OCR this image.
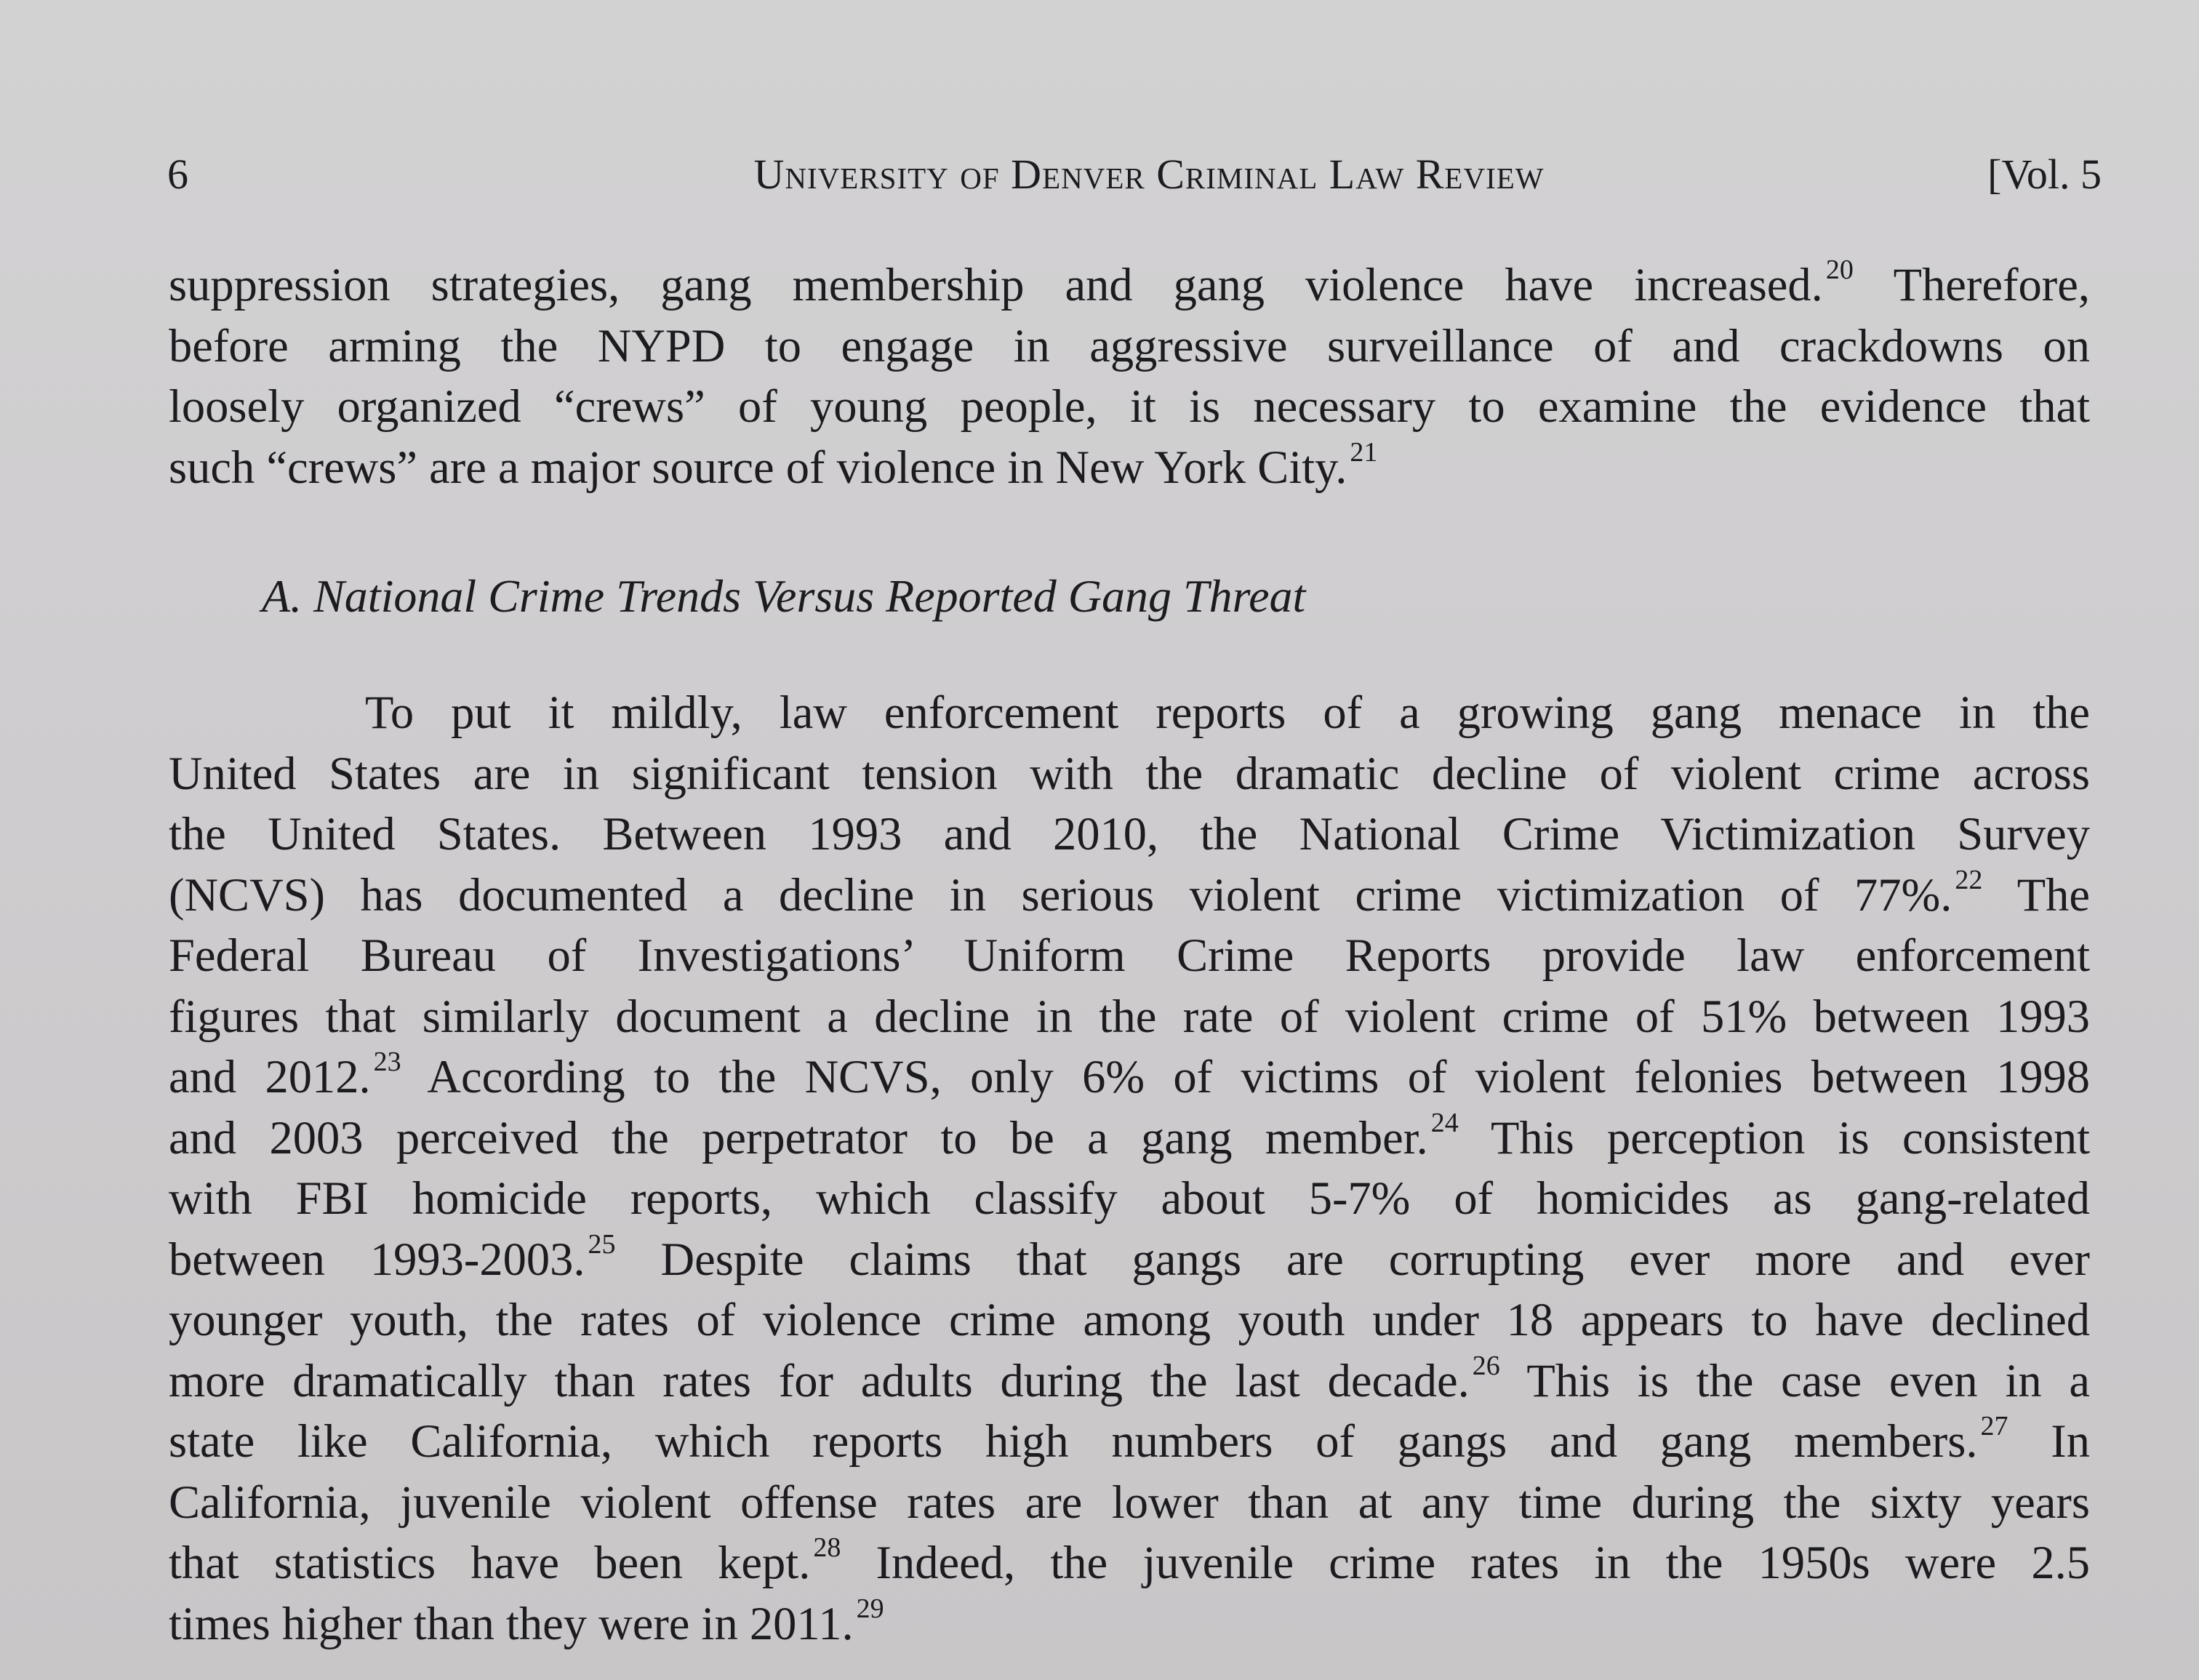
6	University of Denver Criminal Law Review	[Vol. 5
suppression strategies, gang membership and gang violence have increased. $^{20}$ Therefore,
before arming the NYPD to engage in aggressive surveillance of and crackdowns on
loosely organized “crews” of young people, it is necessary to examine the evidence that
such “crews” are a major source of violence in New York City. $^{21}$
A. National Crime Trends Versus Reported Gang Threat
To put it mildly, law enforcement reports of a growing gang menace in the
United States are in significant tension with the dramatic decline of violent crime across
the United States. Between 1993 and 2010, the National Crime Victimization Survey
(NCVS) has documented a decline in serious violent crime victimization of 77%. $^{22}$ The
Federal Bureau of Investigations’ Uniform Crime Reports provide law enforcement
figures that similarly document a decline in the rate of violent crime of 51% between 1993
and 2012. $^{23}$ According to the NCVS, only 6% of victims of violent felonies between 1998
and 2003 perceived the perpetrator to be a gang member. $^{24}$ This perception is consistent
with FBI homicide reports, which classify about 5-7% of homicides as gang-related
between 1993-2003. $^{25}$ Despite claims that gangs are corrupting ever more and ever
younger youth, the rates of violence crime among youth under 18 appears to have declined
more dramatically than rates for adults during the last decade. $^{26}$ This is the case even in a
state like California, which reports high numbers of gangs and gang members. $^{27}$ In
California, juvenile violent offense rates are lower than at any time during the sixty years
that statistics have been kept. $^{28}$ Indeed, the juvenile crime rates in the 1950s were 2.5
times higher than they were in 2011. $^{29}$
